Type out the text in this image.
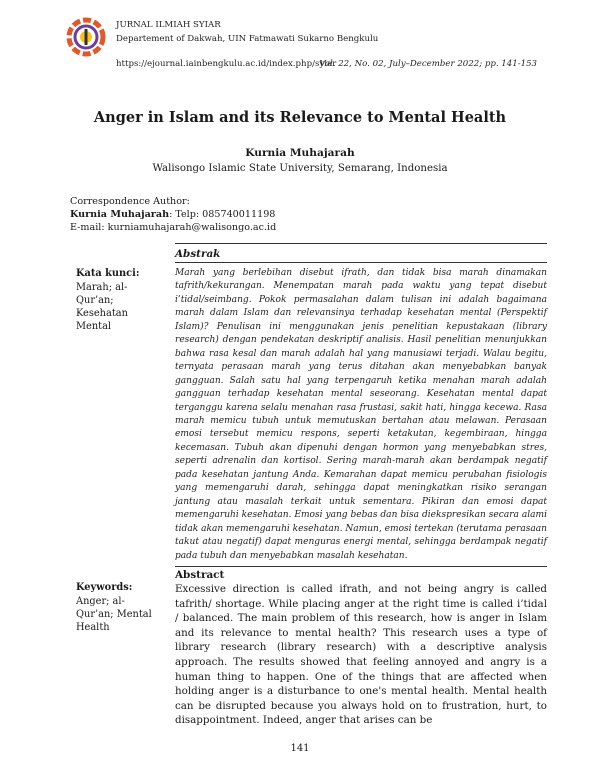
JURNAL ILMIAH SYIAR
Departement of Dakwah, UIN Fatmawati Sukarno Bengkulu
https://ejournal.iainbengkulu.ac.id/index.php/syiar
Vol. 22, No. 02, July–December 2022; pp. 141-153
Anger in Islam and its Relevance to Mental Health
Kurnia Muhajarah
Walisongo Islamic State University, Semarang, Indonesia
Correspondence Author:
Kurnia Muhajarah: Telp: 085740011198
E-mail: kurniamuhajarah@walisongo.ac.id
Abstrak
Kata kunci:
Marah; al-
Qur’an;
Kesehatan
Mental
Marah yang berlebihan disebut ifrath, dan tidak bisa marah dinamakan tafrith/kekurangan. Menempatan marah pada waktu yang tepat disebut i’tidal/seimbang. Pokok permasalahan dalam tulisan ini adalah bagaimana marah dalam Islam dan relevansinya terhadap kesehatan mental (Perspektif Islam)? Penulisan ini menggunakan jenis penelitian kepustakaan (library research) dengan pendekatan deskriptif analisis. Hasil penelitian menunjukkan bahwa rasa kesal dan marah adalah hal yang manusiawi terjadi. Walau begitu, ternyata perasaan marah yang terus ditahan akan menyebabkan banyak gangguan. Salah satu hal yang terpengaruh ketika menahan marah adalah gangguan terhadap kesehatan mental seseorang. Kesehatan mental dapat terganggu karena selalu menahan rasa frustasi, sakit hati, hingga kecewa. Rasa marah memicu tubuh untuk memutuskan bertahan atau melawan. Perasaan emosi tersebut memicu respons, seperti ketakutan, kegembiraan, hingga kecemasan. Tubuh akan dipenuhi dengan hormon yang menyebabkan stres, seperti adrenalin dan kortisol. Sering marah-marah akan berdampak negatif pada kesehatan jantung Anda. Kemarahan dapat memicu perubahan fisiologis yang memengaruhi darah, sehingga dapat meningkatkan risiko serangan jantung atau masalah terkait untuk sementara. Pikiran dan emosi dapat memengaruhi kesehatan. Emosi yang bebas dan bisa diekspresikan secara alami tidak akan memengaruhi kesehatan. Namun, emosi tertekan (terutama perasaan takut atau negatif) dapat menguras energi mental, sehingga berdampak negatif pada tubuh dan menyebabkan masalah kesehatan.
Abstract
Keywords:
Anger; al-
Qur’an; Mental
Health
Excessive direction is called ifrath, and not being angry is called tafrith/ shortage. While placing anger at the right time is called i’tidal / balanced. The main problem of this research, how is anger in Islam and its relevance to mental health? This research uses a type of library research (library research) with a descriptive analysis approach. The results showed that feeling annoyed and angry is a human thing to happen. One of the things that are affected when holding anger is a disturbance to one's mental health. Mental health can be disrupted because you always hold on to frustration, hurt, to disappointment. Indeed, anger that arises can be
141
